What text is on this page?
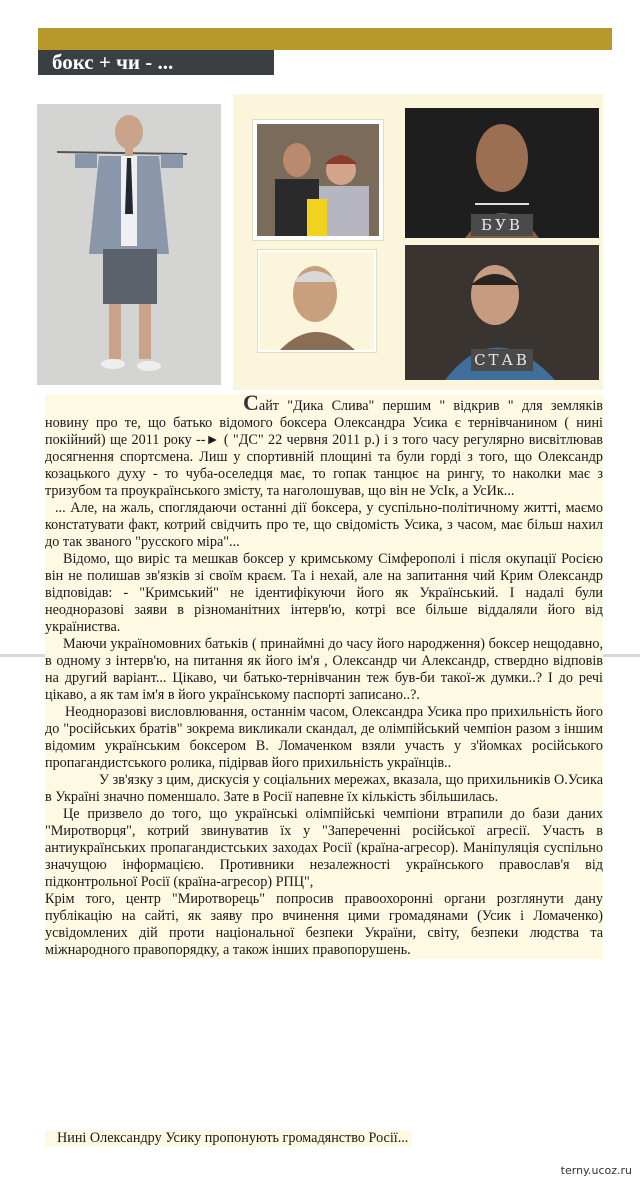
бокс + чи - ...
БУВ
СТАВ

Сайт "Дика Слива" першим " відкрив " для земляків новину про те, що батько відомого боксера Олександра Усика є тернівчанином ( нині покійний) ще 2011 року --► ( "ДС" 22 червня 2011 р.) і з того часу регулярно висвітлював досягнення спортсмена. Лиш у спортивній площині та були горді з того, що Олександр козацького духу - то чуба-оселедця має, то гопак танцює на рингу, то наколки має з тризубом та проукраїнського змісту, та наголошував, що він не УсІк, а УсИк...

... Але, на жаль, споглядаючи останні дії боксера, у суспільно-політичному житті, маємо констатувати факт, котрий свідчить про те, що свідомість Усика, з часом, має більш нахил до так званого "русского міра"...

Відомо, що виріс та мешкав боксер у кримському Сімферополі і після окупації Росією він не полишав зв'язків зі своїм краєм. Та і нехай, але на запитання чий Крим Олександр відповідав: - "Кримський" не ідентифікуючи його як Український. І надалі були неодноразові заяви в різноманітних інтерв'ю, котрі все більше віддаляли його від україниства.

Маючи україномовних батьків ( принаймні до часу його народження) боксер нещодавно, в одному з інтерв'ю, на питання як його ім'я , Олександр чи Алeксандр, ствердно відповів на другий варіант... Цікаво, чи батько-тернівчанин теж був-би такої-ж думки..? І до речі цікаво, а як там ім'я в його українському паспорті записано..?.

Неодноразові висловлювання, останнім часом, Олександра Усика про прихильність його до "російських братів" зокрема викликали скандал, де олімпійський чемпіон разом з іншим відомим українським боксером В. Ломаченком взяли участь у з'йомках російського пропагандистського ролика, підірвав його прихильність українців..

У зв'язку з цим, дискусія у соціальних мережах, вказала, що прихильників О.Усика в Україні значно поменшало. Зате в Росії напевне їх кількість збільшилась.

Це призвело до того, що українські олімпійські чемпіони втрапили до бази даних "Миротворця", котрий звинуватив їх у "Запереченні російської агресії. Участь в антиукраїнських пропагандистських заходах Росії (країна-агресор). Маніпуляція суспільно значущою інформацією. Противники незалежності українського православ'я від підконтрольної Росії (країна-агресор) РПЦ",

Крім того, центр "Миротворець" попросив правоохоронні органи розглянути дану публікацію на сайті, як заяву про вчинення цими громадянами (Усик і Ломаченко) усвідомлених дій проти національної безпеки України, світу, безпеки людства та міжнародного правопорядку, а також інших правопорушень.

Нині Олександру Усику пропонують громадянство Росії...
terny.ucoz.ru
